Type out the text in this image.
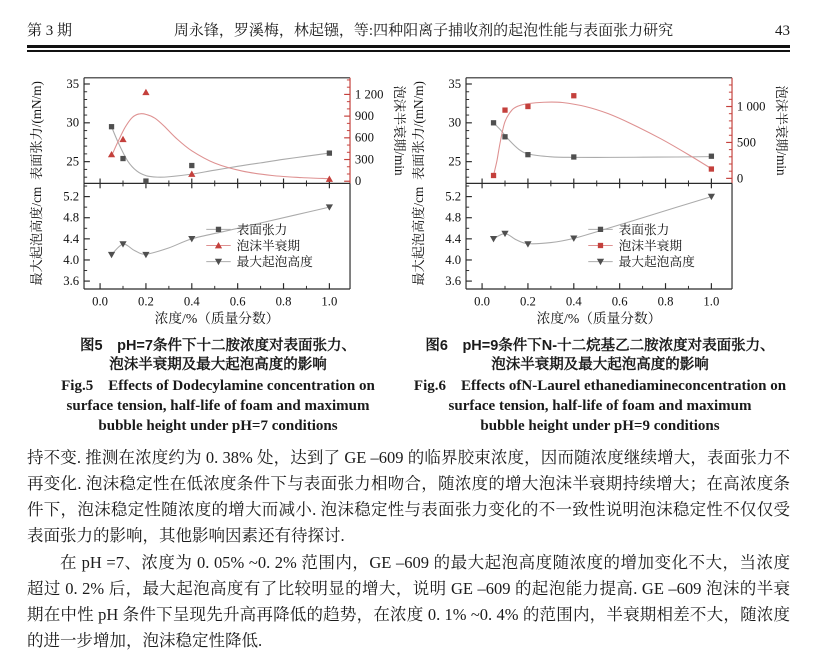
第 3 期	周永锋，罗溪梅，林起镪，等:四种阳离子捕收剂的起泡性能与表面张力研究	43
25
30
35
0
300
600
900
1 200
3.6
4.0
4.4
4.8
5.2
0.0 0.2 0.4 0.6 0.8 1.0
表面张力/(mN/m)
最大起泡高度/cm
泡沫半衰期/min
浓度/%（质量分数）
表面张力
泡沫半衰期
最大起泡高度
图5　pH=7条件下十二胺浓度对表面张力、
泡沫半衰期及最大起泡高度的影响
Fig.5　Effects of Dodecylamine concentration on
surface tension, half-life of foam and maximum
bubble height under pH=7 conditions
25
30
35
0
500
1 000
3.6
4.0
4.4
4.8
5.2
0.0 0.2 0.4 0.6 0.8 1.0
表面张力/(mN/m)
最大起泡高度/cm
泡沫半衰期/min
浓度/%（质量分数）
表面张力
泡沫半衰期
最大起泡高度
图6　pH=9条件下N-十二烷基乙二胺浓度对表面张力、
泡沫半衰期及最大起泡高度的影响
Fig.6　Effects ofN-Laurel ethanediamineconcentration on
surface tension, half-life of foam and maximum
bubble height under pH=9 conditions
持不变. 推测在浓度约为 0. 38% 处，达到了 GE –609 的临界胶束浓度，因而随浓度继续增大，表面张力不
再变化. 泡沫稳定性在低浓度条件下与表面张力相吻合，随浓度的增大泡沫半衰期持续增大；在高浓度条
件下，泡沫稳定性随浓度的增大而减小. 泡沫稳定性与表面张力变化的不一致性说明泡沫稳定性不仅仅受
表面张力的影响，其他影响因素还有待探讨.
在 pH =7、浓度为 0. 05% ~0. 2% 范围内，GE –609 的最大起泡高度随浓度的增加变化不大，当浓度
超过 0. 2% 后，最大起泡高度有了比较明显的增大，说明 GE –609 的起泡能力提高. GE –609 泡沫的半衰
期在中性 pH 条件下呈现先升高再降低的趋势，在浓度 0. 1% ~0. 4% 的范围内，半衰期相差不大，随浓度
的进一步增加，泡沫稳定性降低.
